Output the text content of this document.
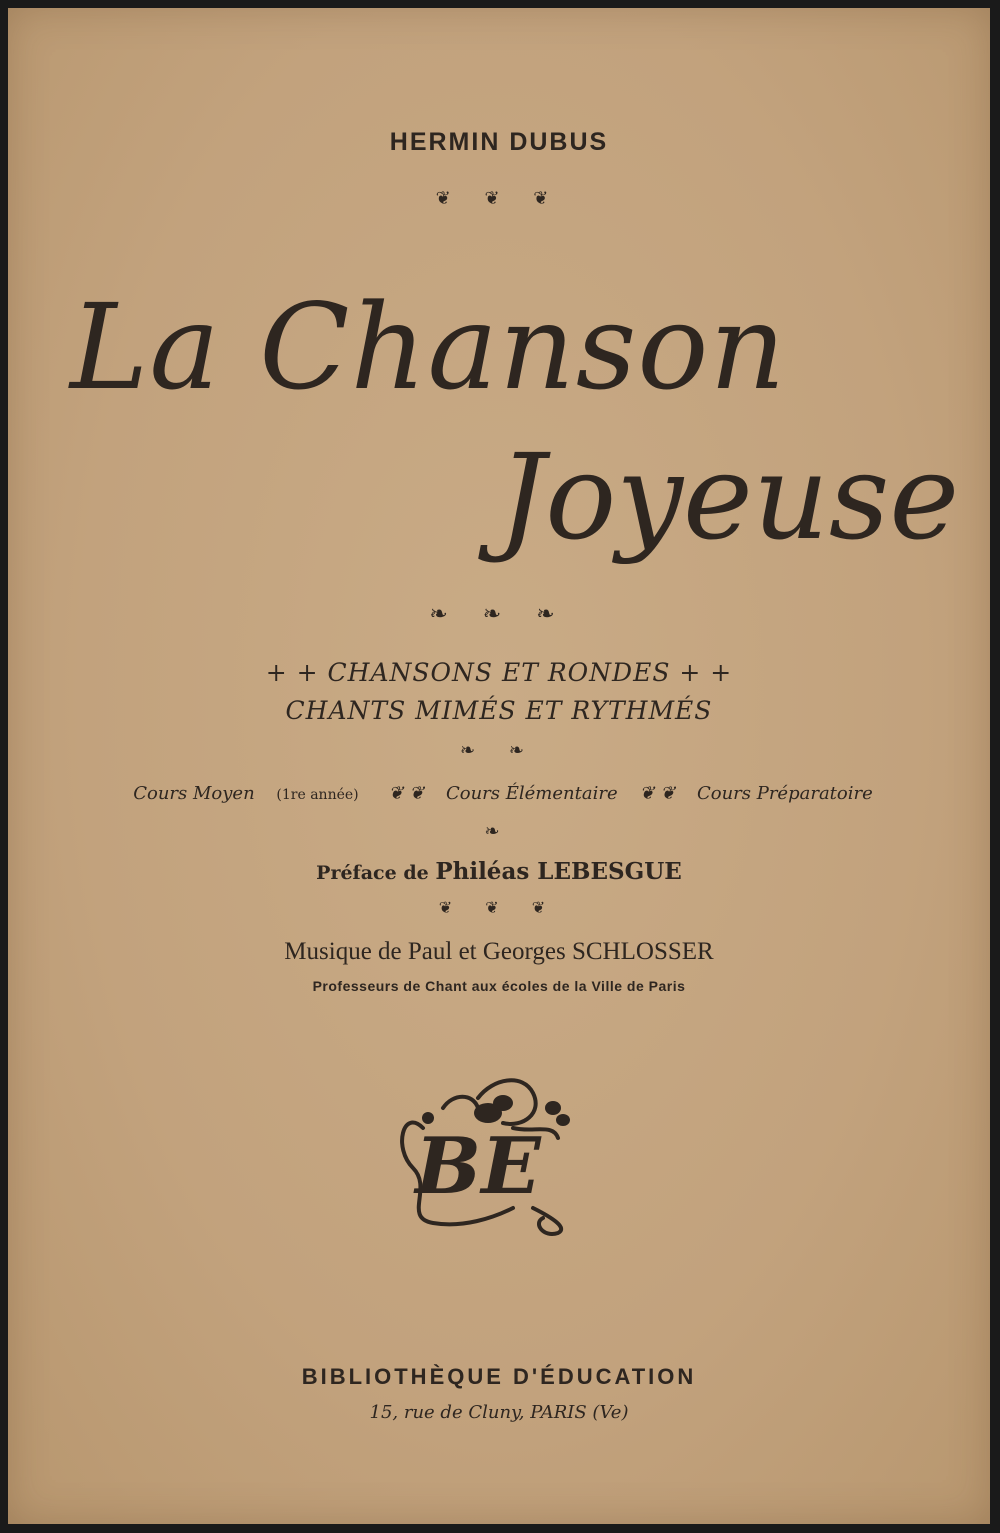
HERMIN DUBUS
❦ ❦ ❦
La Chanson
Joyeuse
❧ ❧ ❧
+ + CHANSONS ET RONDES + +
CHANTS MIMÉS ET RYTHMÉS
❧ ❧
Cours Moyen (1re année) ❦ ❦ Cours Élémentaire ❦ ❦ Cours Préparatoire
❧
Préface de Philéas LEBESGUE
❦ ❦ ❦
Musique de Paul et Georges SCHLOSSER
Professeurs de Chant aux écoles de la Ville de Paris
BE
BIBLIOTHÈQUE D'ÉDUCATION
15, rue de Cluny, PARIS (Ve)
